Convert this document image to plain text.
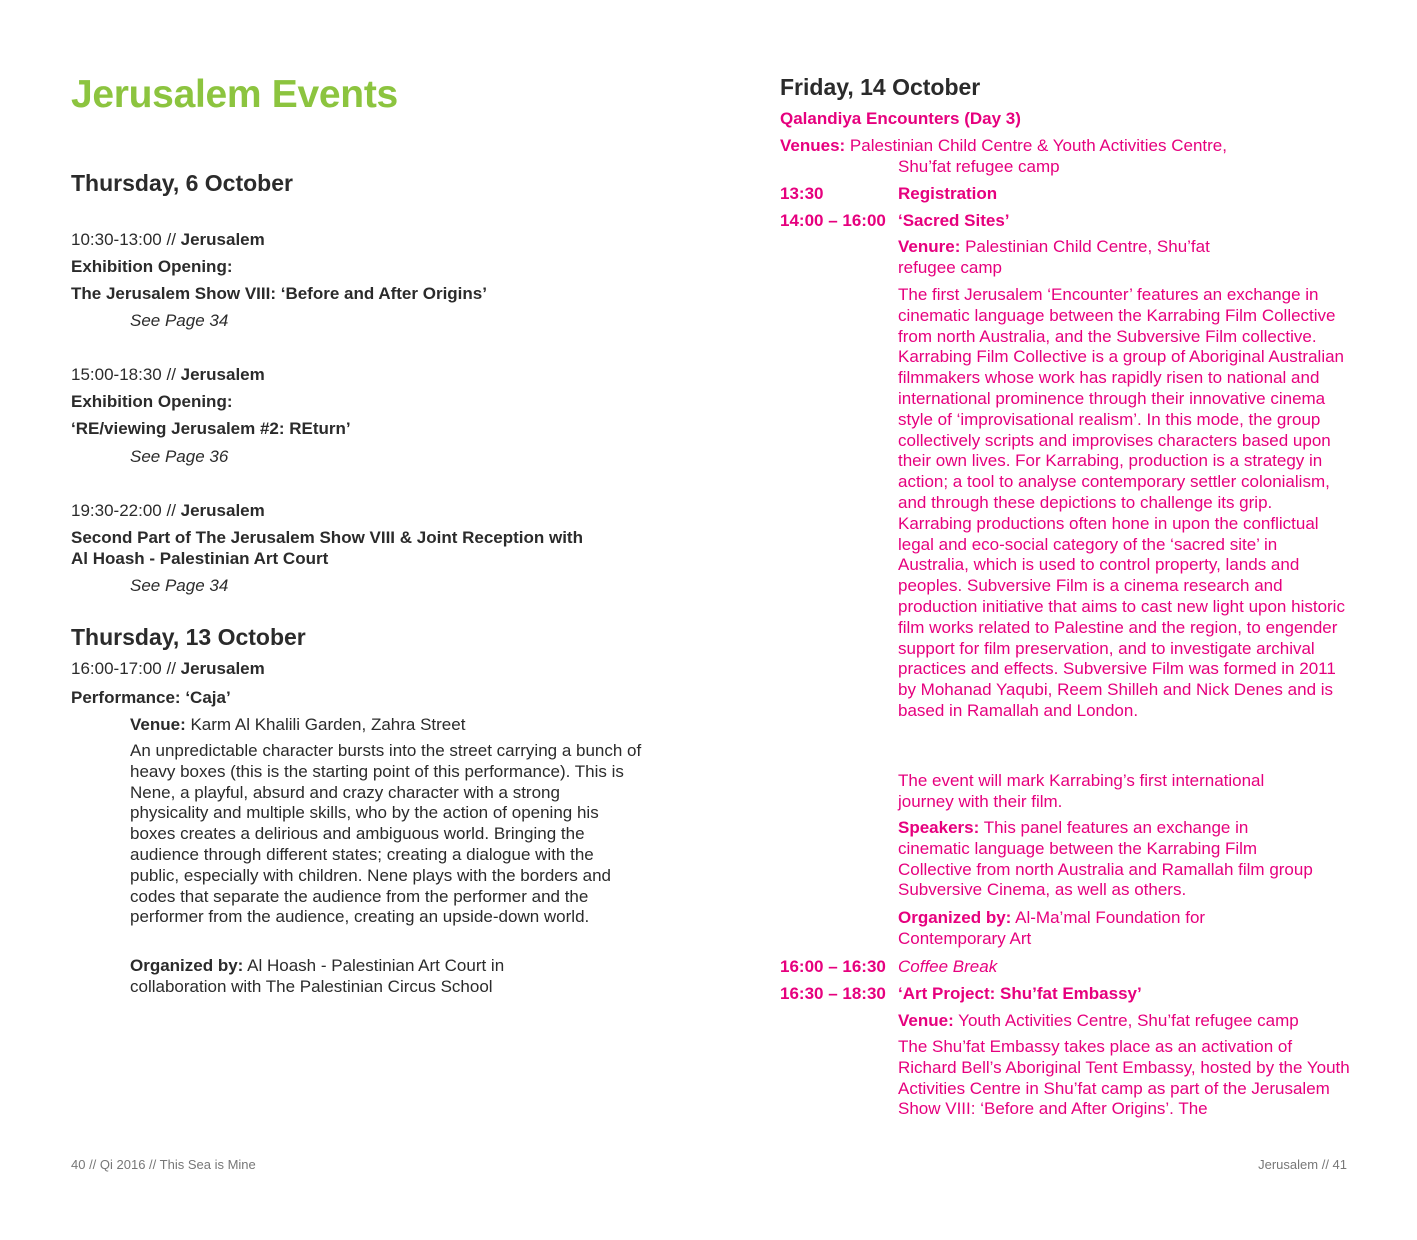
Jerusalem Events
Thursday, 6 October
10:30-13:00 // Jerusalem
Exhibition Opening:
The Jerusalem Show VIII: ‘Before and After Origins’
See Page 34
15:00-18:30 // Jerusalem
Exhibition Opening:
‘RE/viewing Jerusalem #2: REturn’
See Page 36
19:30-22:00 // Jerusalem
Second Part of The Jerusalem Show VIII & Joint Reception with
Al Hoash - Palestinian Art Court
See Page 34
Thursday, 13 October
16:00-17:00 // Jerusalem
Performance: ‘Caja’
Venue: Karm Al Khalili Garden, Zahra Street

An unpredictable character bursts into the street carrying a bunch of heavy boxes (this is the starting point of this performance). This is Nene, a playful, absurd and crazy character with a strong physicality and multiple skills, who by the action of opening his boxes creates a delirious and ambiguous world. Bringing the audience through different states; creating a dialogue with the public, especially with children. Nene plays with the borders and codes that separate the audience from the performer and the performer from the audience, creating an upside-down world.

Organized by: Al Hoash - Palestinian Art Court in collaboration with The Palestinian Circus School

Friday, 14 October
Qalandiya Encounters (Day 3)
Venues: Palestinian Child Centre & Youth Activities Centre,
Shu’fat refugee camp
13:30	Registration
14:00 – 16:00 ‘Sacred Sites’

Venure: Palestinian Child Centre, Shu’fat refugee camp

The first Jerusalem ‘Encounter’ features an exchange in cinematic language between the Karrabing Film Collective from north Australia, and the Subversive Film collective. Karrabing Film Collective is a group of Aboriginal Australian filmmakers whose work has rapidly risen to national and international prominence through their innovative cinema style of ‘improvisational realism’. In this mode, the group collectively scripts and improvises characters based upon their own lives. For Karrabing, production is a strategy in action; a tool to analyse contemporary settler colonialism, and through these depictions to challenge its grip. Karrabing productions often hone in upon the conflictual legal and eco-social category of the ‘sacred site’ in Australia, which is used to control property, lands and peoples. Subversive Film is a cinema research and production initiative that aims to cast new light upon historic film works related to Palestine and the region, to engender support for film preservation, and to investigate archival practices and effects. Subversive Film was formed in 2011 by Mohanad Yaqubi, Reem Shilleh and Nick Denes and is based in Ramallah and London.

The event will mark Karrabing’s first international journey with their film.

Speakers: This panel features an exchange in cinematic language between the Karrabing Film Collective from north Australia and Ramallah film group Subversive Cinema, as well as others.

Organized by: Al-Ma’mal Foundation for Contemporary Art

16:00 – 16:30 Coffee Break
16:30 – 18:30 ‘Art Project: Shu’fat Embassy’
Venue: Youth Activities Centre, Shu’fat refugee camp

The Shu’fat Embassy takes place as an activation of Richard Bell’s Aboriginal Tent Embassy, hosted by the Youth Activities Centre in Shu’fat camp as part of the Jerusalem Show VIII: ‘Before and After Origins’. The

40 // Qi 2016 // This Sea is Mine	Jerusalem // 41
